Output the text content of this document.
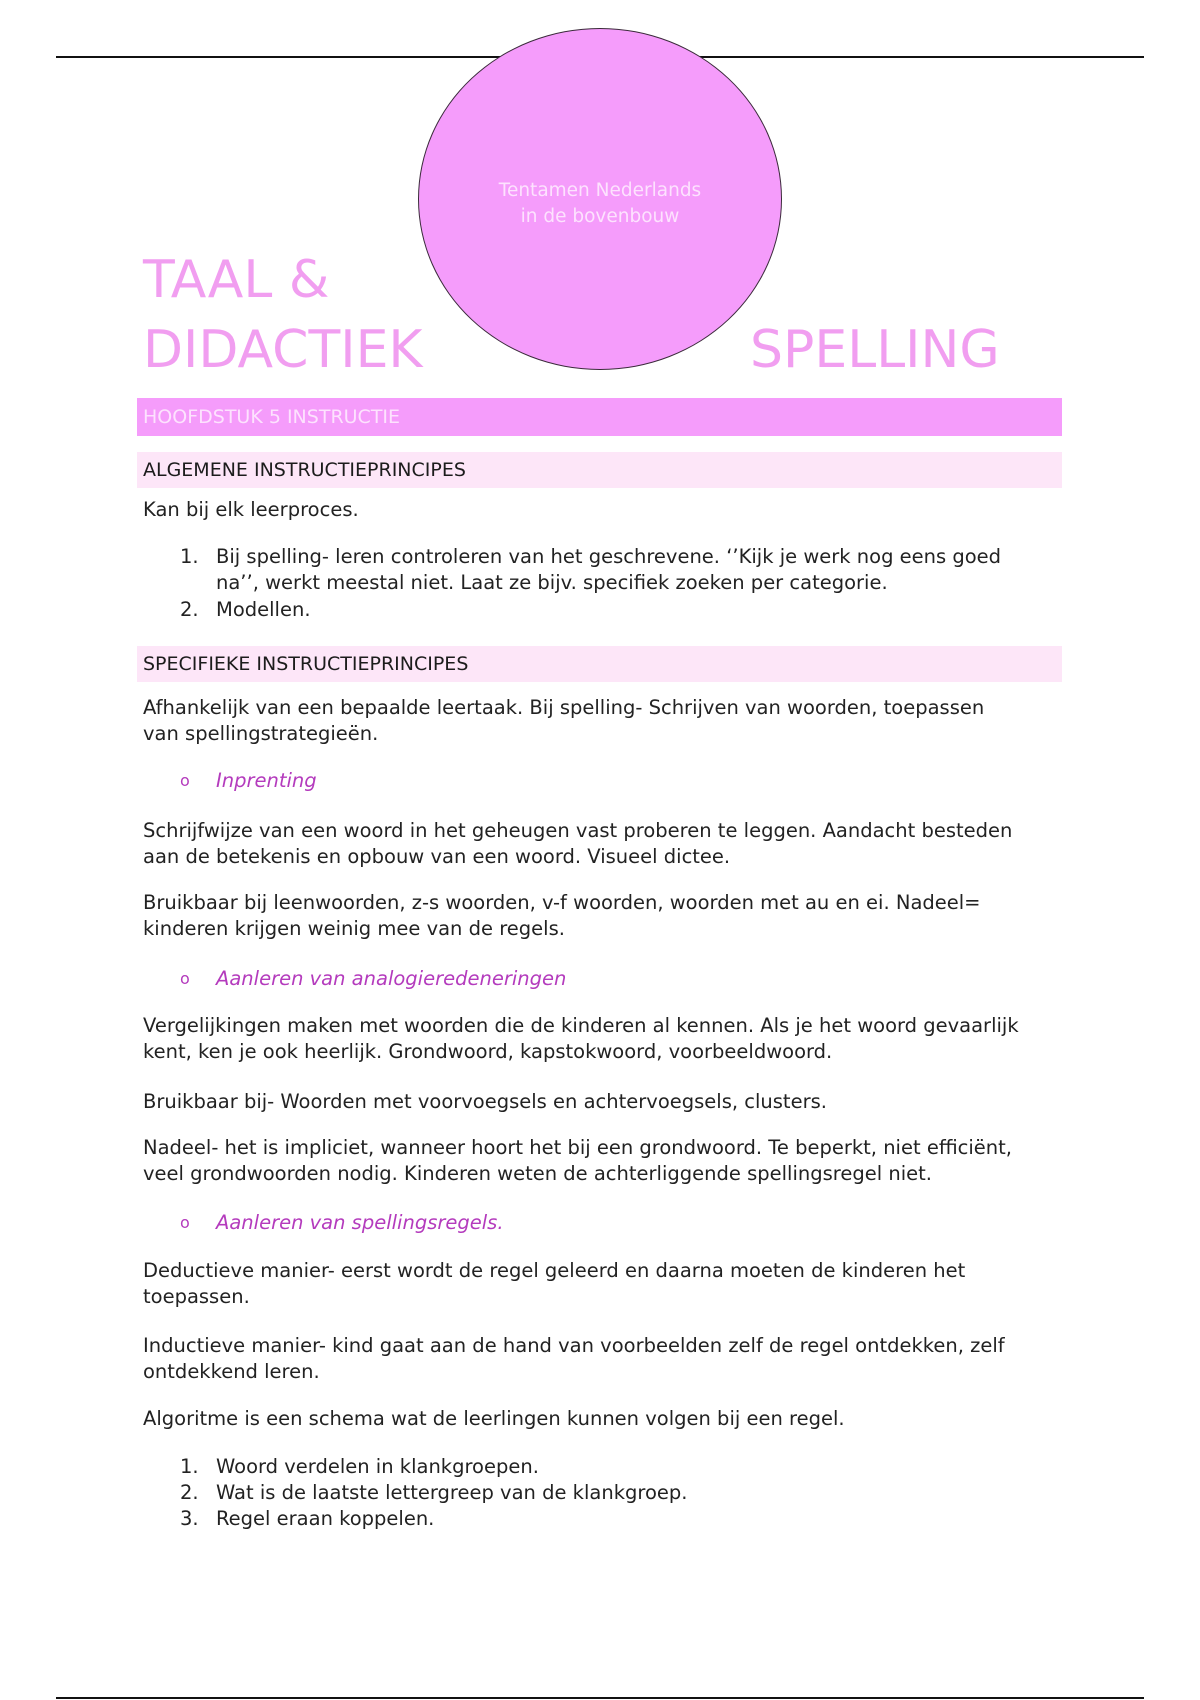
Tentamen Nederlands
in de bovenbouw
TAAL &
DIDACTIEK	SPELLING
HOOFDSTUK 5 INSTRUCTIE
ALGEMENE INSTRUCTIEPRINCIPES
Kan bij elk leerproces.
1. Bij spelling- leren controleren van het geschrevene. ‘’Kijk je werk nog eens goed
na’’, werkt meestal niet. Laat ze bijv. specifiek zoeken per categorie.
2. Modellen.
SPECIFIEKE INSTRUCTIEPRINCIPES
Afhankelijk van een bepaalde leertaak. Bij spelling- Schrijven van woorden, toepassen
van spellingstrategieën.
o Inprenting
Schrijfwijze van een woord in het geheugen vast proberen te leggen. Aandacht besteden
aan de betekenis en opbouw van een woord. Visueel dictee.
Bruikbaar bij leenwoorden, z-s woorden, v-f woorden, woorden met au en ei. Nadeel=
kinderen krijgen weinig mee van de regels.
o Aanleren van analogieredeneringen
Vergelijkingen maken met woorden die de kinderen al kennen. Als je het woord gevaarlijk
kent, ken je ook heerlijk. Grondwoord, kapstokwoord, voorbeeldwoord.
Bruikbaar bij- Woorden met voorvoegsels en achtervoegsels, clusters.
Nadeel- het is impliciet, wanneer hoort het bij een grondwoord. Te beperkt, niet efficiënt,
veel grondwoorden nodig. Kinderen weten de achterliggende spellingsregel niet.
o Aanleren van spellingsregels.
Deductieve manier- eerst wordt de regel geleerd en daarna moeten de kinderen het
toepassen.
Inductieve manier- kind gaat aan de hand van voorbeelden zelf de regel ontdekken, zelf
ontdekkend leren.
Algoritme is een schema wat de leerlingen kunnen volgen bij een regel.
1. Woord verdelen in klankgroepen.
2. Wat is de laatste lettergreep van de klankgroep.
3. Regel eraan koppelen.
